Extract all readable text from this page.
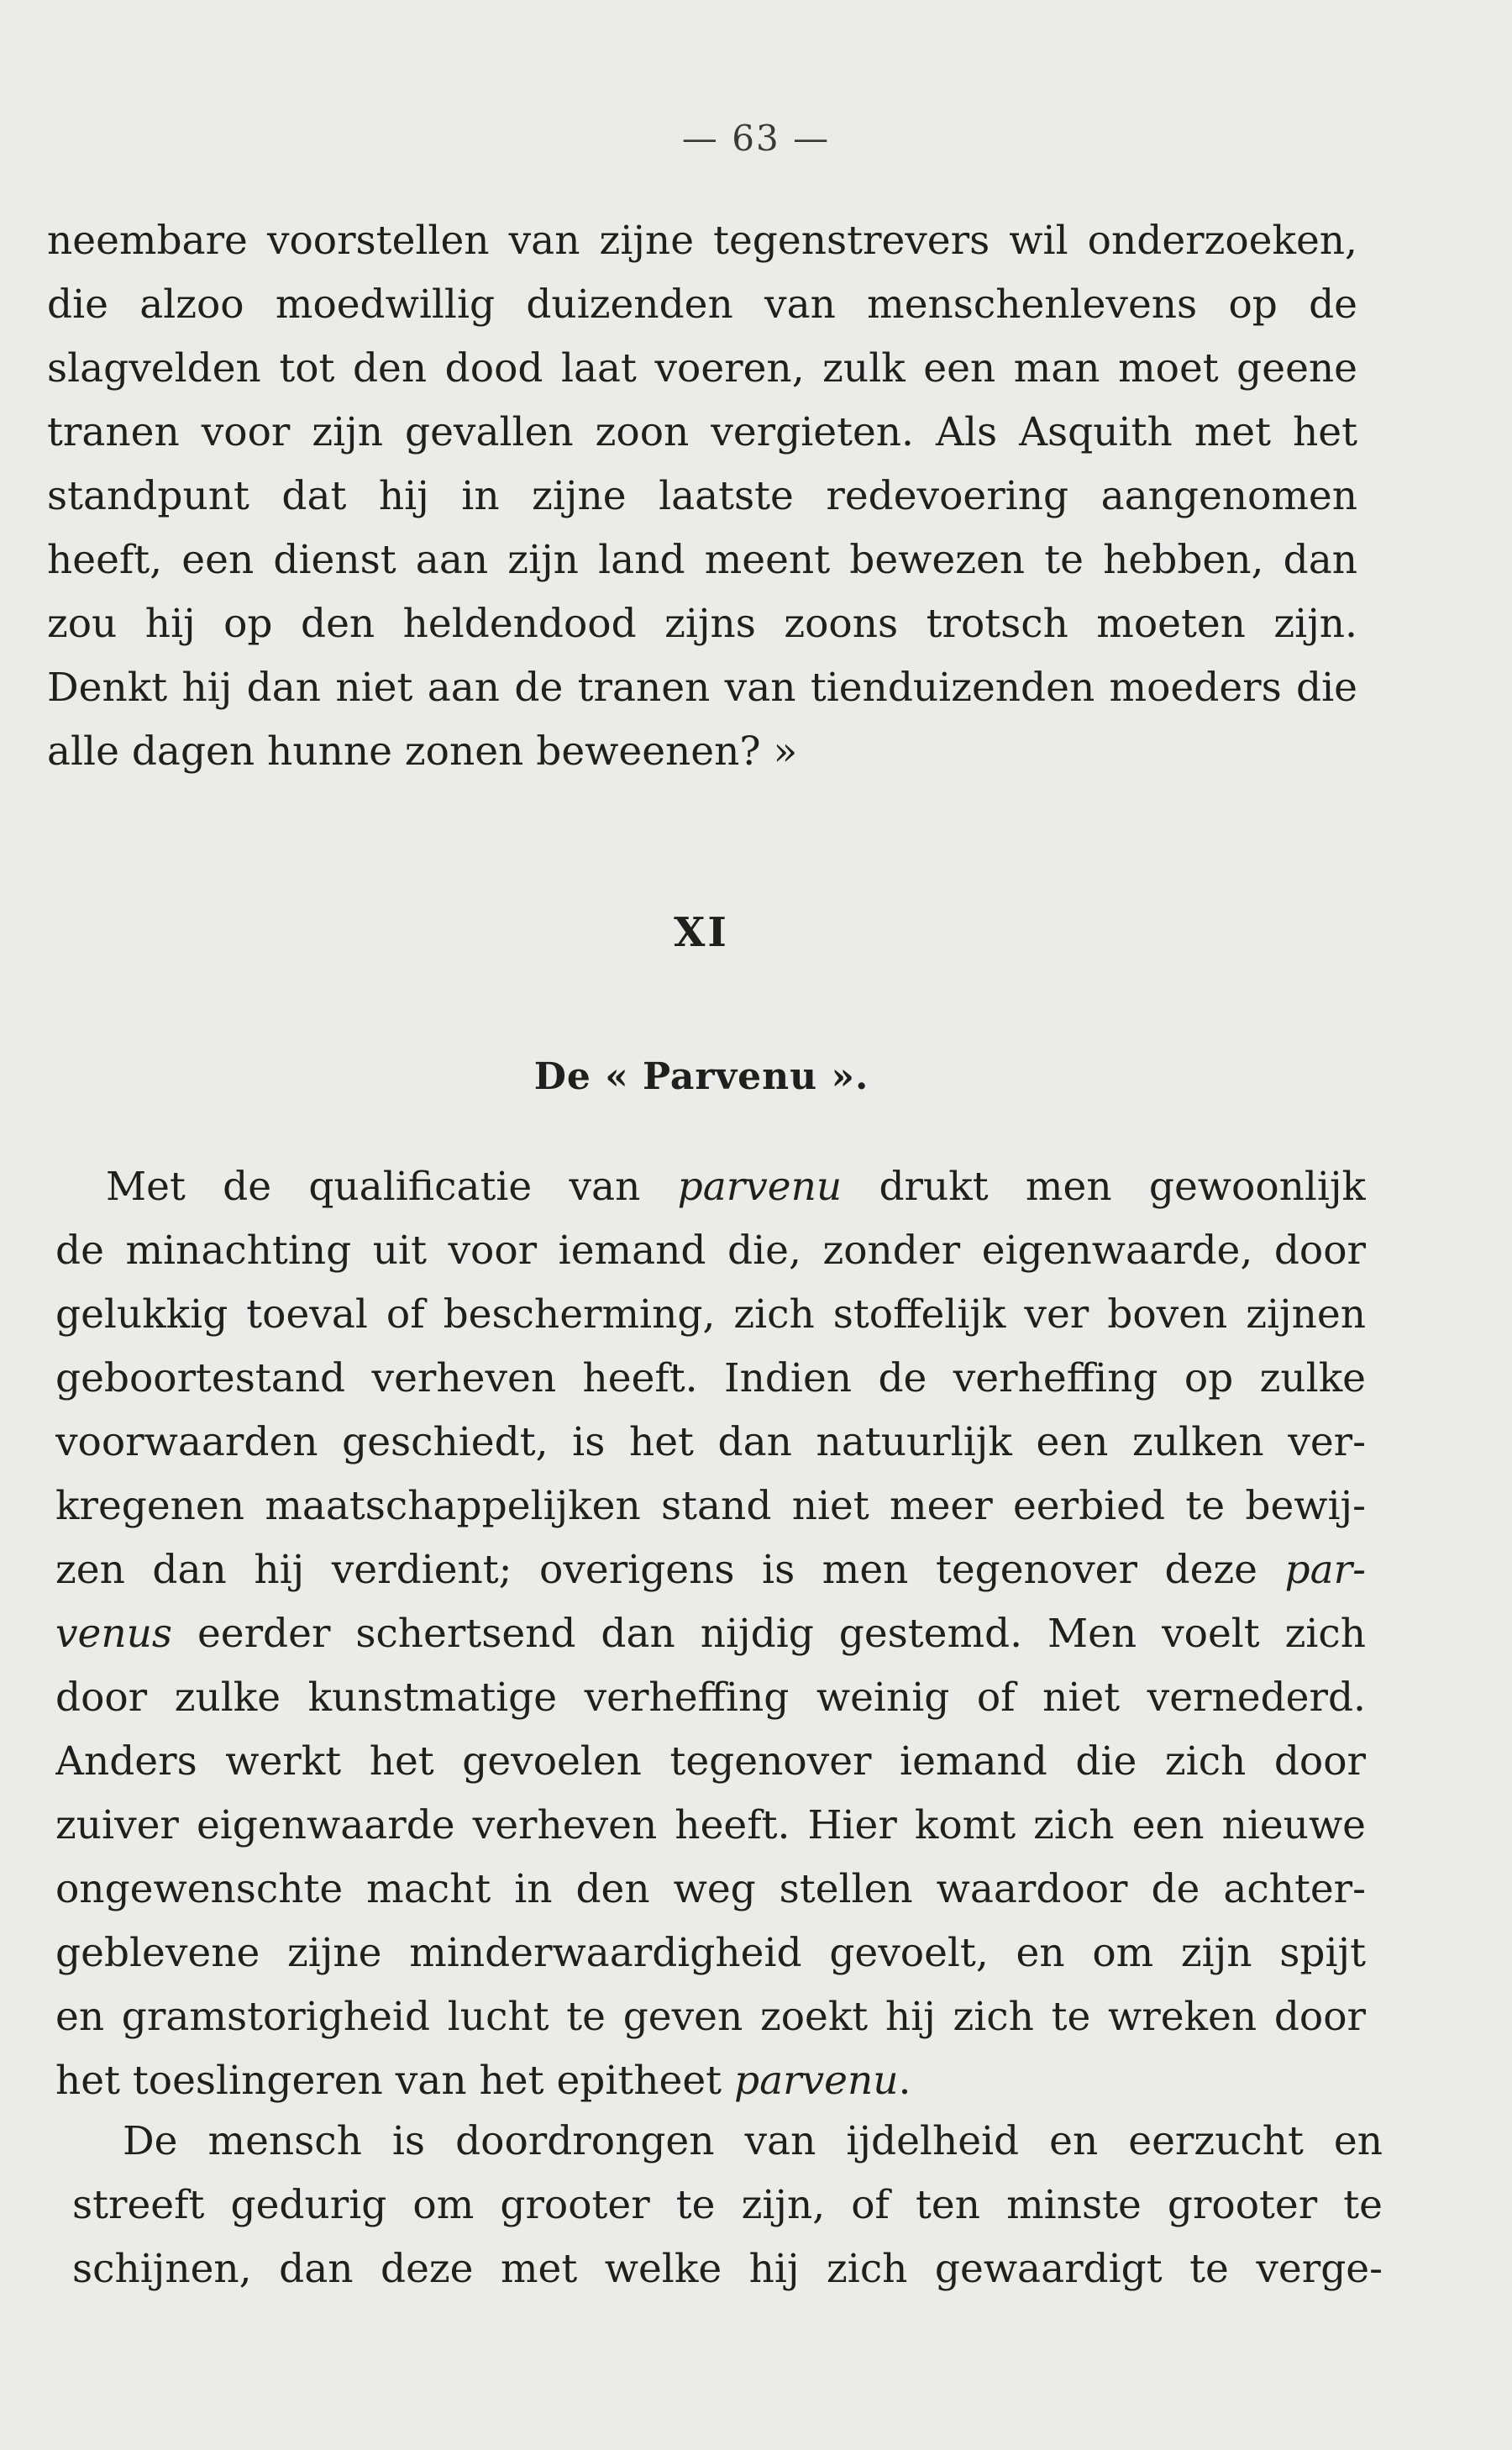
— 63 —
neembare voorstellen van zijne tegenstrevers wil onderzoeken,
die alzoo moedwillig duizenden van menschenlevens op de
slagvelden tot den dood laat voeren, zulk een man moet geene
tranen voor zijn gevallen zoon vergieten. Als Asquith met het
standpunt dat hij in zijne laatste redevoering aangenomen
heeft, een dienst aan zijn land meent bewezen te hebben, dan
zou hij op den heldendood zijns zoons trotsch moeten zijn.
Denkt hij dan niet aan de tranen van tienduizenden moeders die
alle dagen hunne zonen beweenen? »
XI
De « Parvenu ».
Met de qualificatie van parvenu drukt men gewoonlijk
de minachting uit voor iemand die, zonder eigenwaarde, door
gelukkig toeval of bescherming, zich stoffelijk ver boven zijnen
geboortestand verheven heeft. Indien de verheffing op zulke
voorwaarden geschiedt, is het dan natuurlijk een zulken ver-
kregenen maatschappelijken stand niet meer eerbied te bewij-
zen dan hij verdient; overigens is men tegenover deze par-
venus eerder schertsend dan nijdig gestemd. Men voelt zich
door zulke kunstmatige verheffing weinig of niet vernederd.
Anders werkt het gevoelen tegenover iemand die zich door
zuiver eigenwaarde verheven heeft. Hier komt zich een nieuwe
ongewenschte macht in den weg stellen waardoor de achter-
geblevene zijne minderwaardigheid gevoelt, en om zijn spijt
en gramstorigheid lucht te geven zoekt hij zich te wreken door
het toeslingeren van het epitheet parvenu.
De mensch is doordrongen van ijdelheid en eerzucht en
streeft gedurig om grooter te zijn, of ten minste grooter te
schijnen, dan deze met welke hij zich gewaardigt te verge-
